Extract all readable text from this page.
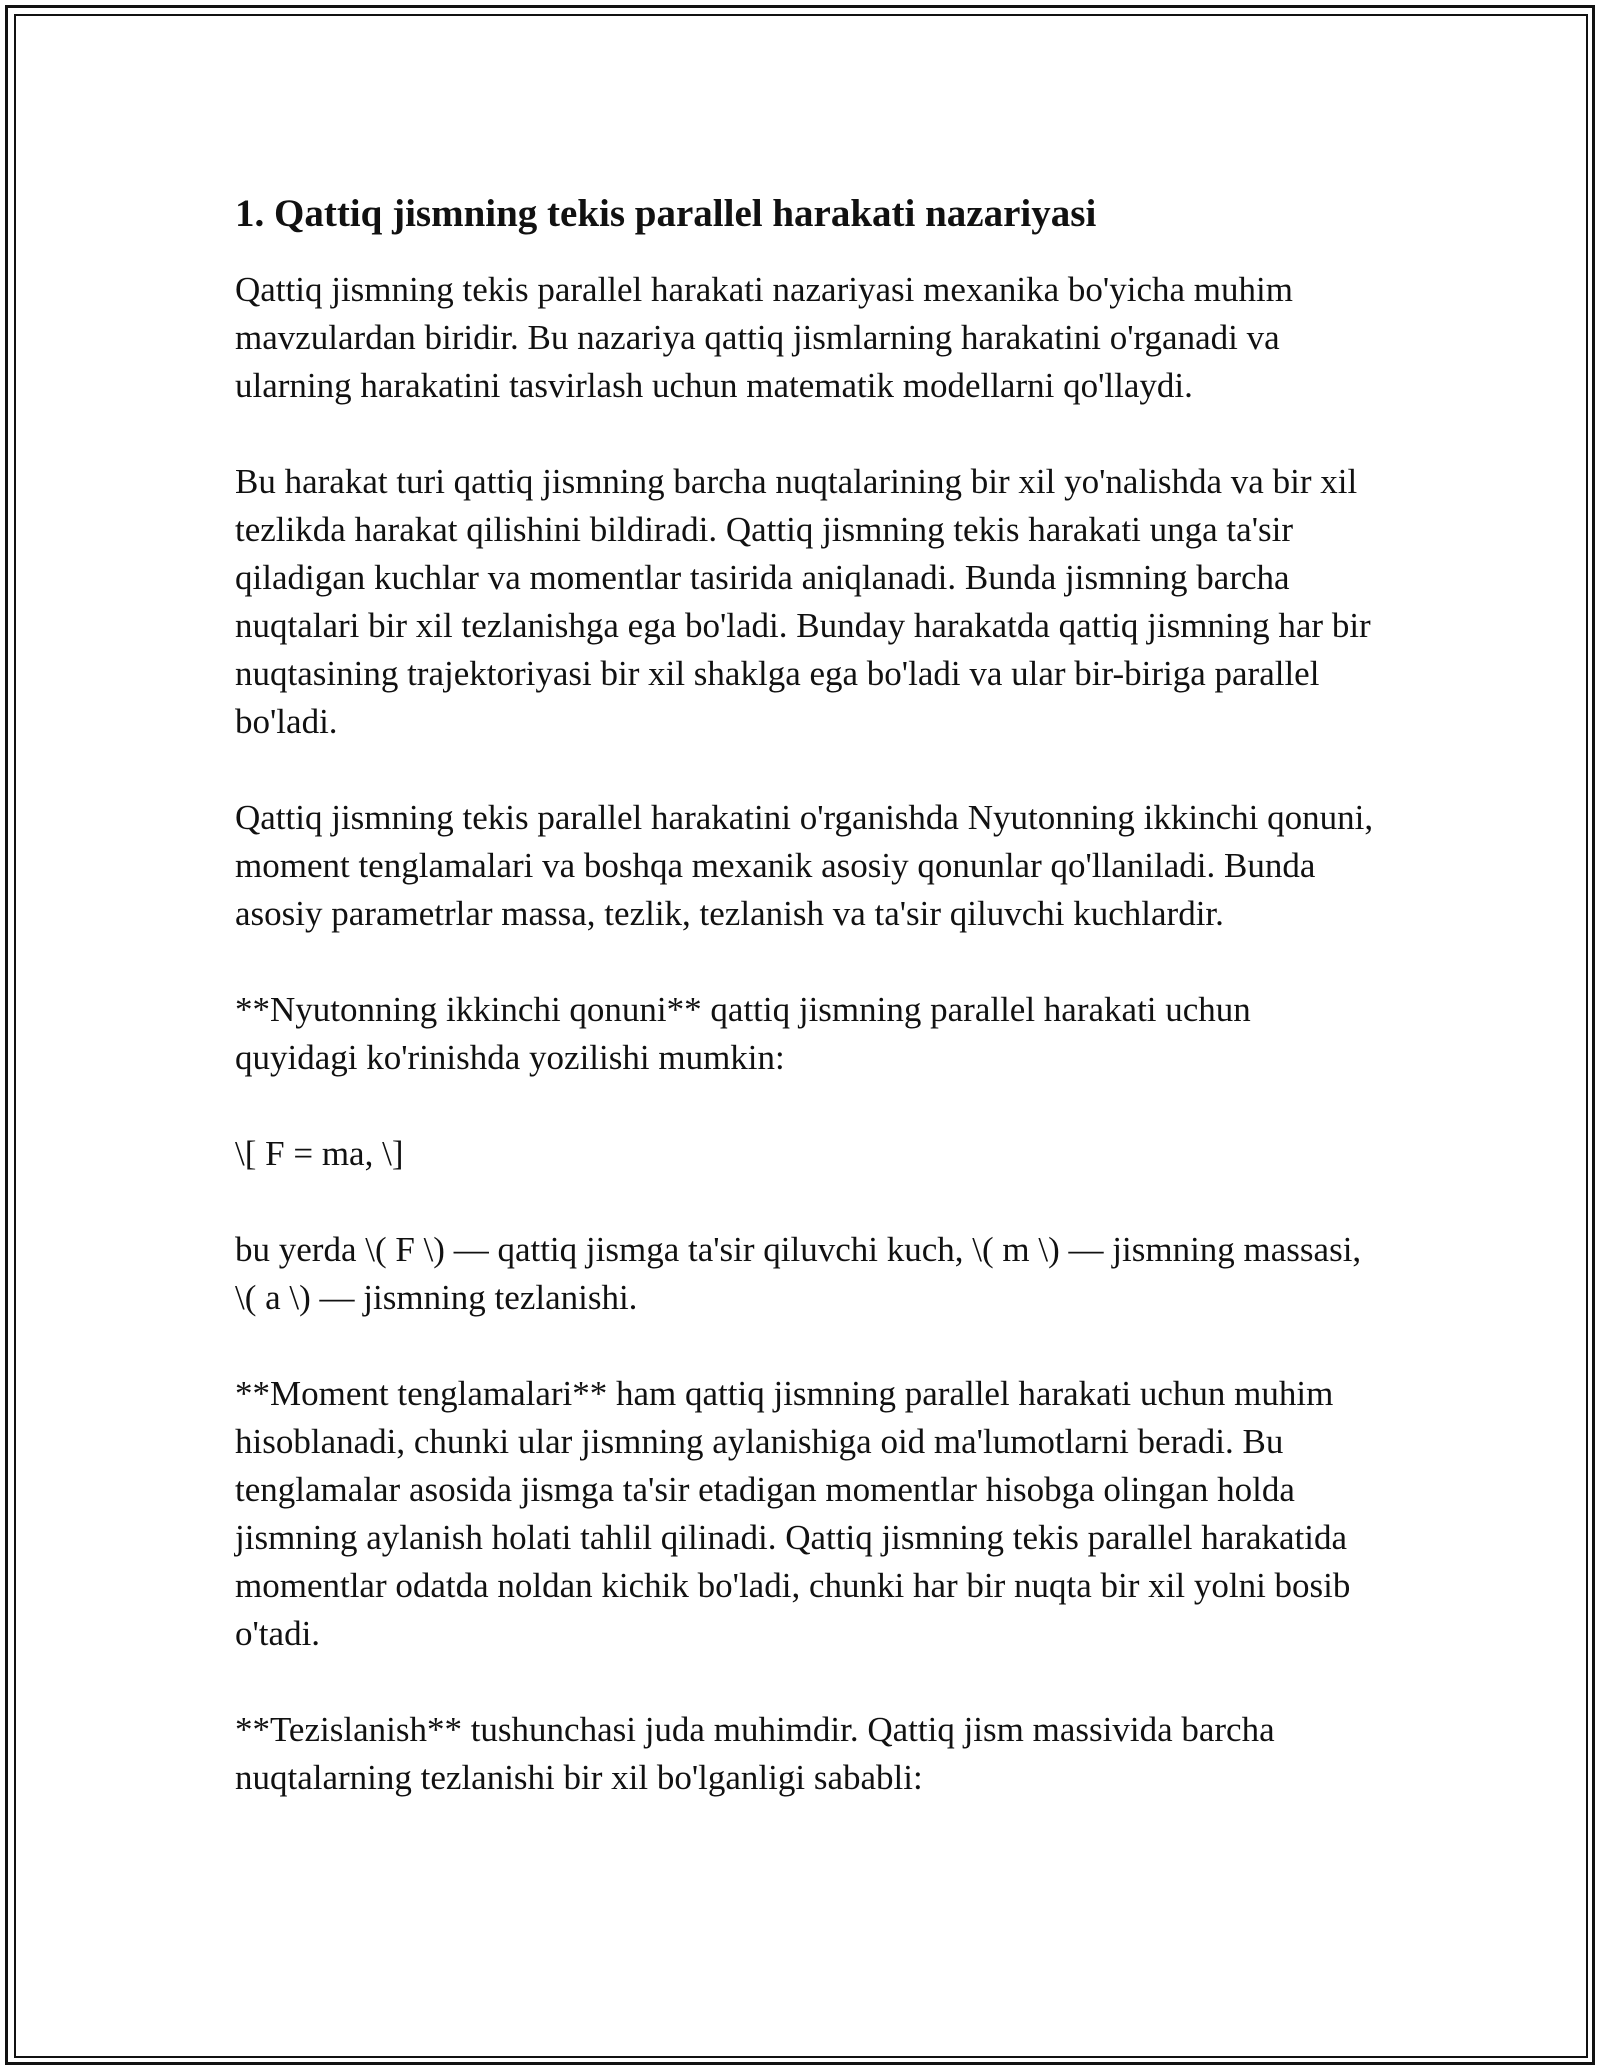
1. Qattiq jismning tekis parallel harakati nazariyasi

Qattiq jismning tekis parallel harakati nazariyasi mexanika bo'yicha muhim mavzulardan biridir. Bu nazariya qattiq jismlarning harakatini o'rganadi va ularning harakatini tasvirlash uchun matematik modellarni qo'llaydi.

Bu harakat turi qattiq jismning barcha nuqtalarining bir xil yo'nalishda va bir xil tezlikda harakat qilishini bildiradi. Qattiq jismning tekis harakati unga ta'sir qiladigan kuchlar va momentlar tasirida aniqlanadi. Bunda jismning barcha nuqtalari bir xil tezlanishga ega bo'ladi. Bunday harakatda qattiq jismning har bir nuqtasining trajektoriyasi bir xil shaklga ega bo'ladi va ular bir-biriga parallel bo'ladi.

Qattiq jismning tekis parallel harakatini o'rganishda Nyutonning ikkinchi qonuni, moment tenglamalari va boshqa mexanik asosiy qonunlar qo'llaniladi. Bunda asosiy parametrlar massa, tezlik, tezlanish va ta'sir qiluvchi kuchlardir.

**Nyutonning ikkinchi qonuni** qattiq jismning parallel harakati uchun quyidagi ko'rinishda yozilishi mumkin:

\[ F = ma, \]

bu yerda \( F \) — qattiq jismga ta'sir qiluvchi kuch, \( m \) — jismning massasi, \( a \) — jismning tezlanishi.

**Moment tenglamalari** ham qattiq jismning parallel harakati uchun muhim hisoblanadi, chunki ular jismning aylanishiga oid ma'lumotlarni beradi. Bu tenglamalar asosida jismga ta'sir etadigan momentlar hisobga olingan holda jismning aylanish holati tahlil qilinadi. Qattiq jismning tekis parallel harakatida momentlar odatda noldan kichik bo'ladi, chunki har bir nuqta bir xil yolni bosib o'tadi.

**Tezislanish** tushunchasi juda muhimdir. Qattiq jism massivida barcha nuqtalarning tezlanishi bir xil bo'lganligi sababli:
